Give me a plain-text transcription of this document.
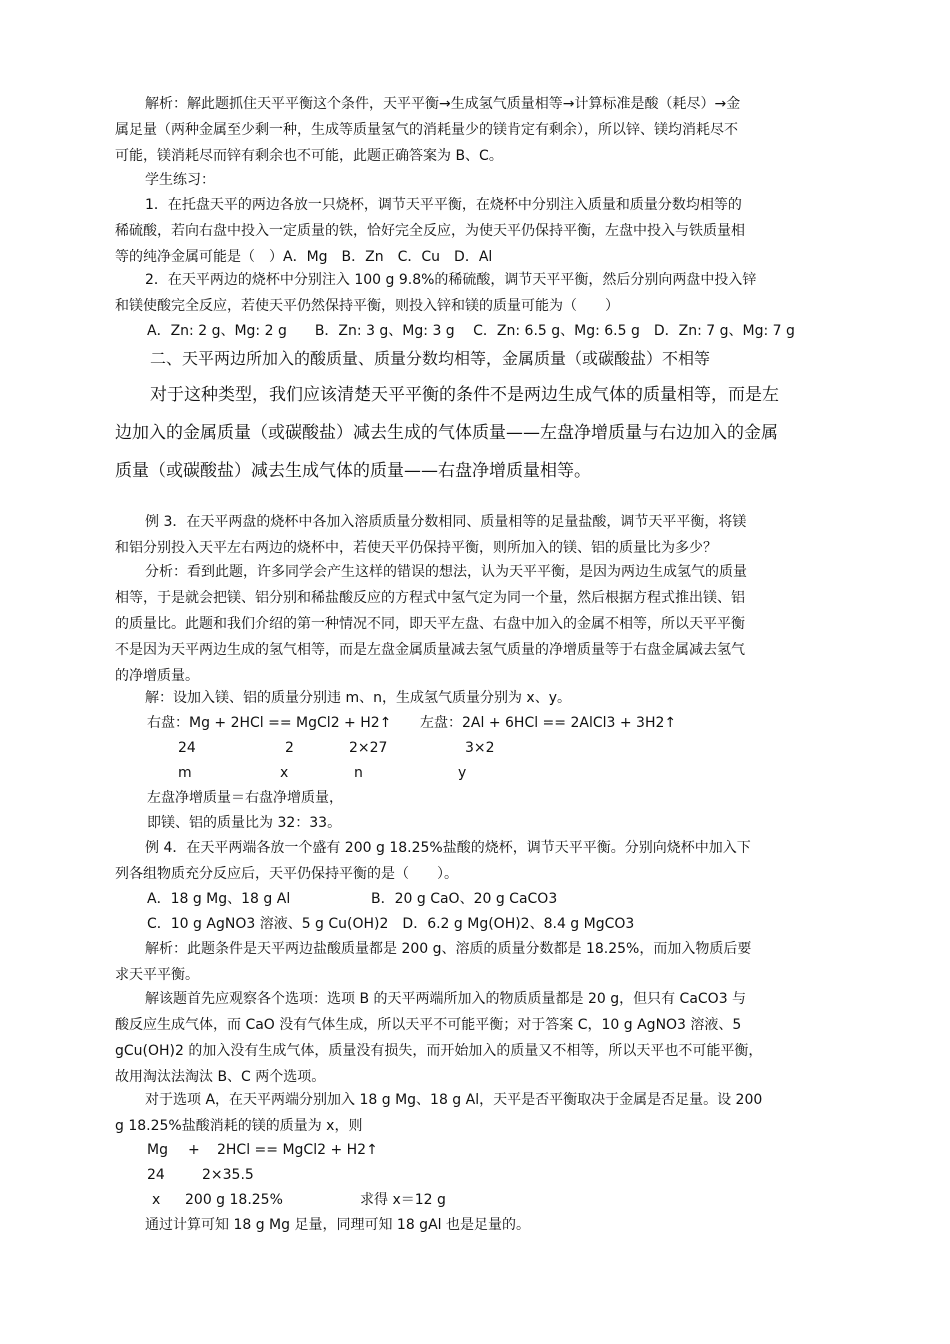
解析：解此题抓住天平平衡这个条件，天平平衡→生成氢气质量相等→计算标准是酸（耗尽）→金
属足量（两种金属至少剩一种，生成等质量氢气的消耗量少的镁肯定有剩余），所以锌、镁均消耗尽不
可能，镁消耗尽而锌有剩余也不可能，此题正确答案为 B、C。

学生练习：

1．在托盘天平的两边各放一只烧杯，调节天平平衡，在烧杯中分别注入质量和质量分数均相等的
稀硫酸，若向右盘中投入一定质量的铁，恰好完全反应，为使天平仍保持平衡，左盘中投入与铁质量相
等的纯净金属可能是（　）A．Mg　B．Zn　C．Cu　D．Al

2．在天平两边的烧杯中分别注入 100 g 9.8%的稀硫酸，调节天平平衡，然后分别向两盘中投入锌
和镁使酸完全反应，若使天平仍然保持平衡，则投入锌和镁的质量可能为（　　）

A．Zn: 2 g、Mg: 2 g　　B．Zn: 3 g、Mg: 3 g　 C．Zn: 6.5 g、Mg: 6.5 g　D．Zn: 7 g、Mg: 7 g

二、天平两边所加入的酸质量、质量分数均相等，金属质量（或碳酸盐）不相等

对于这种类型，我们应该清楚天平平衡的条件不是两边生成气体的质量相等，而是左
边加入的金属质量（或碳酸盐）减去生成的气体质量——左盘净增质量与右边加入的金属
质量（或碳酸盐）减去生成气体的质量——右盘净增质量相等。

例 3．在天平两盘的烧杯中各加入溶质质量分数相同、质量相等的足量盐酸，调节天平平衡，将镁
和铝分别投入天平左右两边的烧杯中，若使天平仍保持平衡，则所加入的镁、铝的质量比为多少？

分析：看到此题，许多同学会产生这样的错误的想法，认为天平平衡，是因为两边生成氢气的质量
相等，于是就会把镁、铝分别和稀盐酸反应的方程式中氢气定为同一个量，然后根据方程式推出镁、铝
的质量比。此题和我们介绍的第一种情况不同，即天平左盘、右盘中加入的金属不相等，所以天平平衡
不是因为天平两边生成的氢气相等，而是左盘金属质量减去氢气质量的净增质量等于右盘金属减去氢气
的净增质量。

解：设加入镁、铝的质量分别违 m、n，生成氢气质量分别为 x、y。

右盘：Mg + 2HCl == MgCl2 + H2↑ 左盘：2Al + 6HCl == 2AlCl3 + 3H2↑
24	2	2×27	3×2
m	x	n	y

左盘净增质量＝右盘净增质量，

即镁、铝的质量比为 32：33。

例 4．在天平两端各放一个盛有 200 g 18.25%盐酸的烧杯，调节天平平衡。分别向烧杯中加入下
列各组物质充分反应后，天平仍保持平衡的是（　　）。

A．18 g Mg、18 g Al	B．20 g CaO、20 g CaCO3
C．10 g AgNO3 溶液、5 g Cu(OH)2　D．6.2 g Mg(OH)2、8.4 g MgCO3

解析：此题条件是天平两边盐酸质量都是 200 g、溶质的质量分数都是 18.25%，而加入物质后要
求天平平衡。

解该题首先应观察各个选项：选项 B 的天平两端所加入的物质质量都是 20 g，但只有 CaCO3 与
酸反应生成气体，而 CaO 没有气体生成，所以天平不可能平衡；对于答案 C，10 g AgNO3 溶液、5
gCu(OH)2 的加入没有生成气体，质量没有损失，而开始加入的质量又不相等，所以天平也不可能平衡，
故用淘汰法淘汰 B、C 两个选项。

对于选项 A，在天平两端分别加入 18 g Mg、18 g Al，天平是否平衡取决于金属是否足量。设 200
g 18.25%盐酸消耗的镁的质量为 x，则

Mg + 2HCl == MgCl2 + H2↑
24	2×35.5
x 200 g 18.25%	求得 x＝12 g

通过计算可知 18 g Mg 足量，同理可知 18 gAl 也是足量的。
